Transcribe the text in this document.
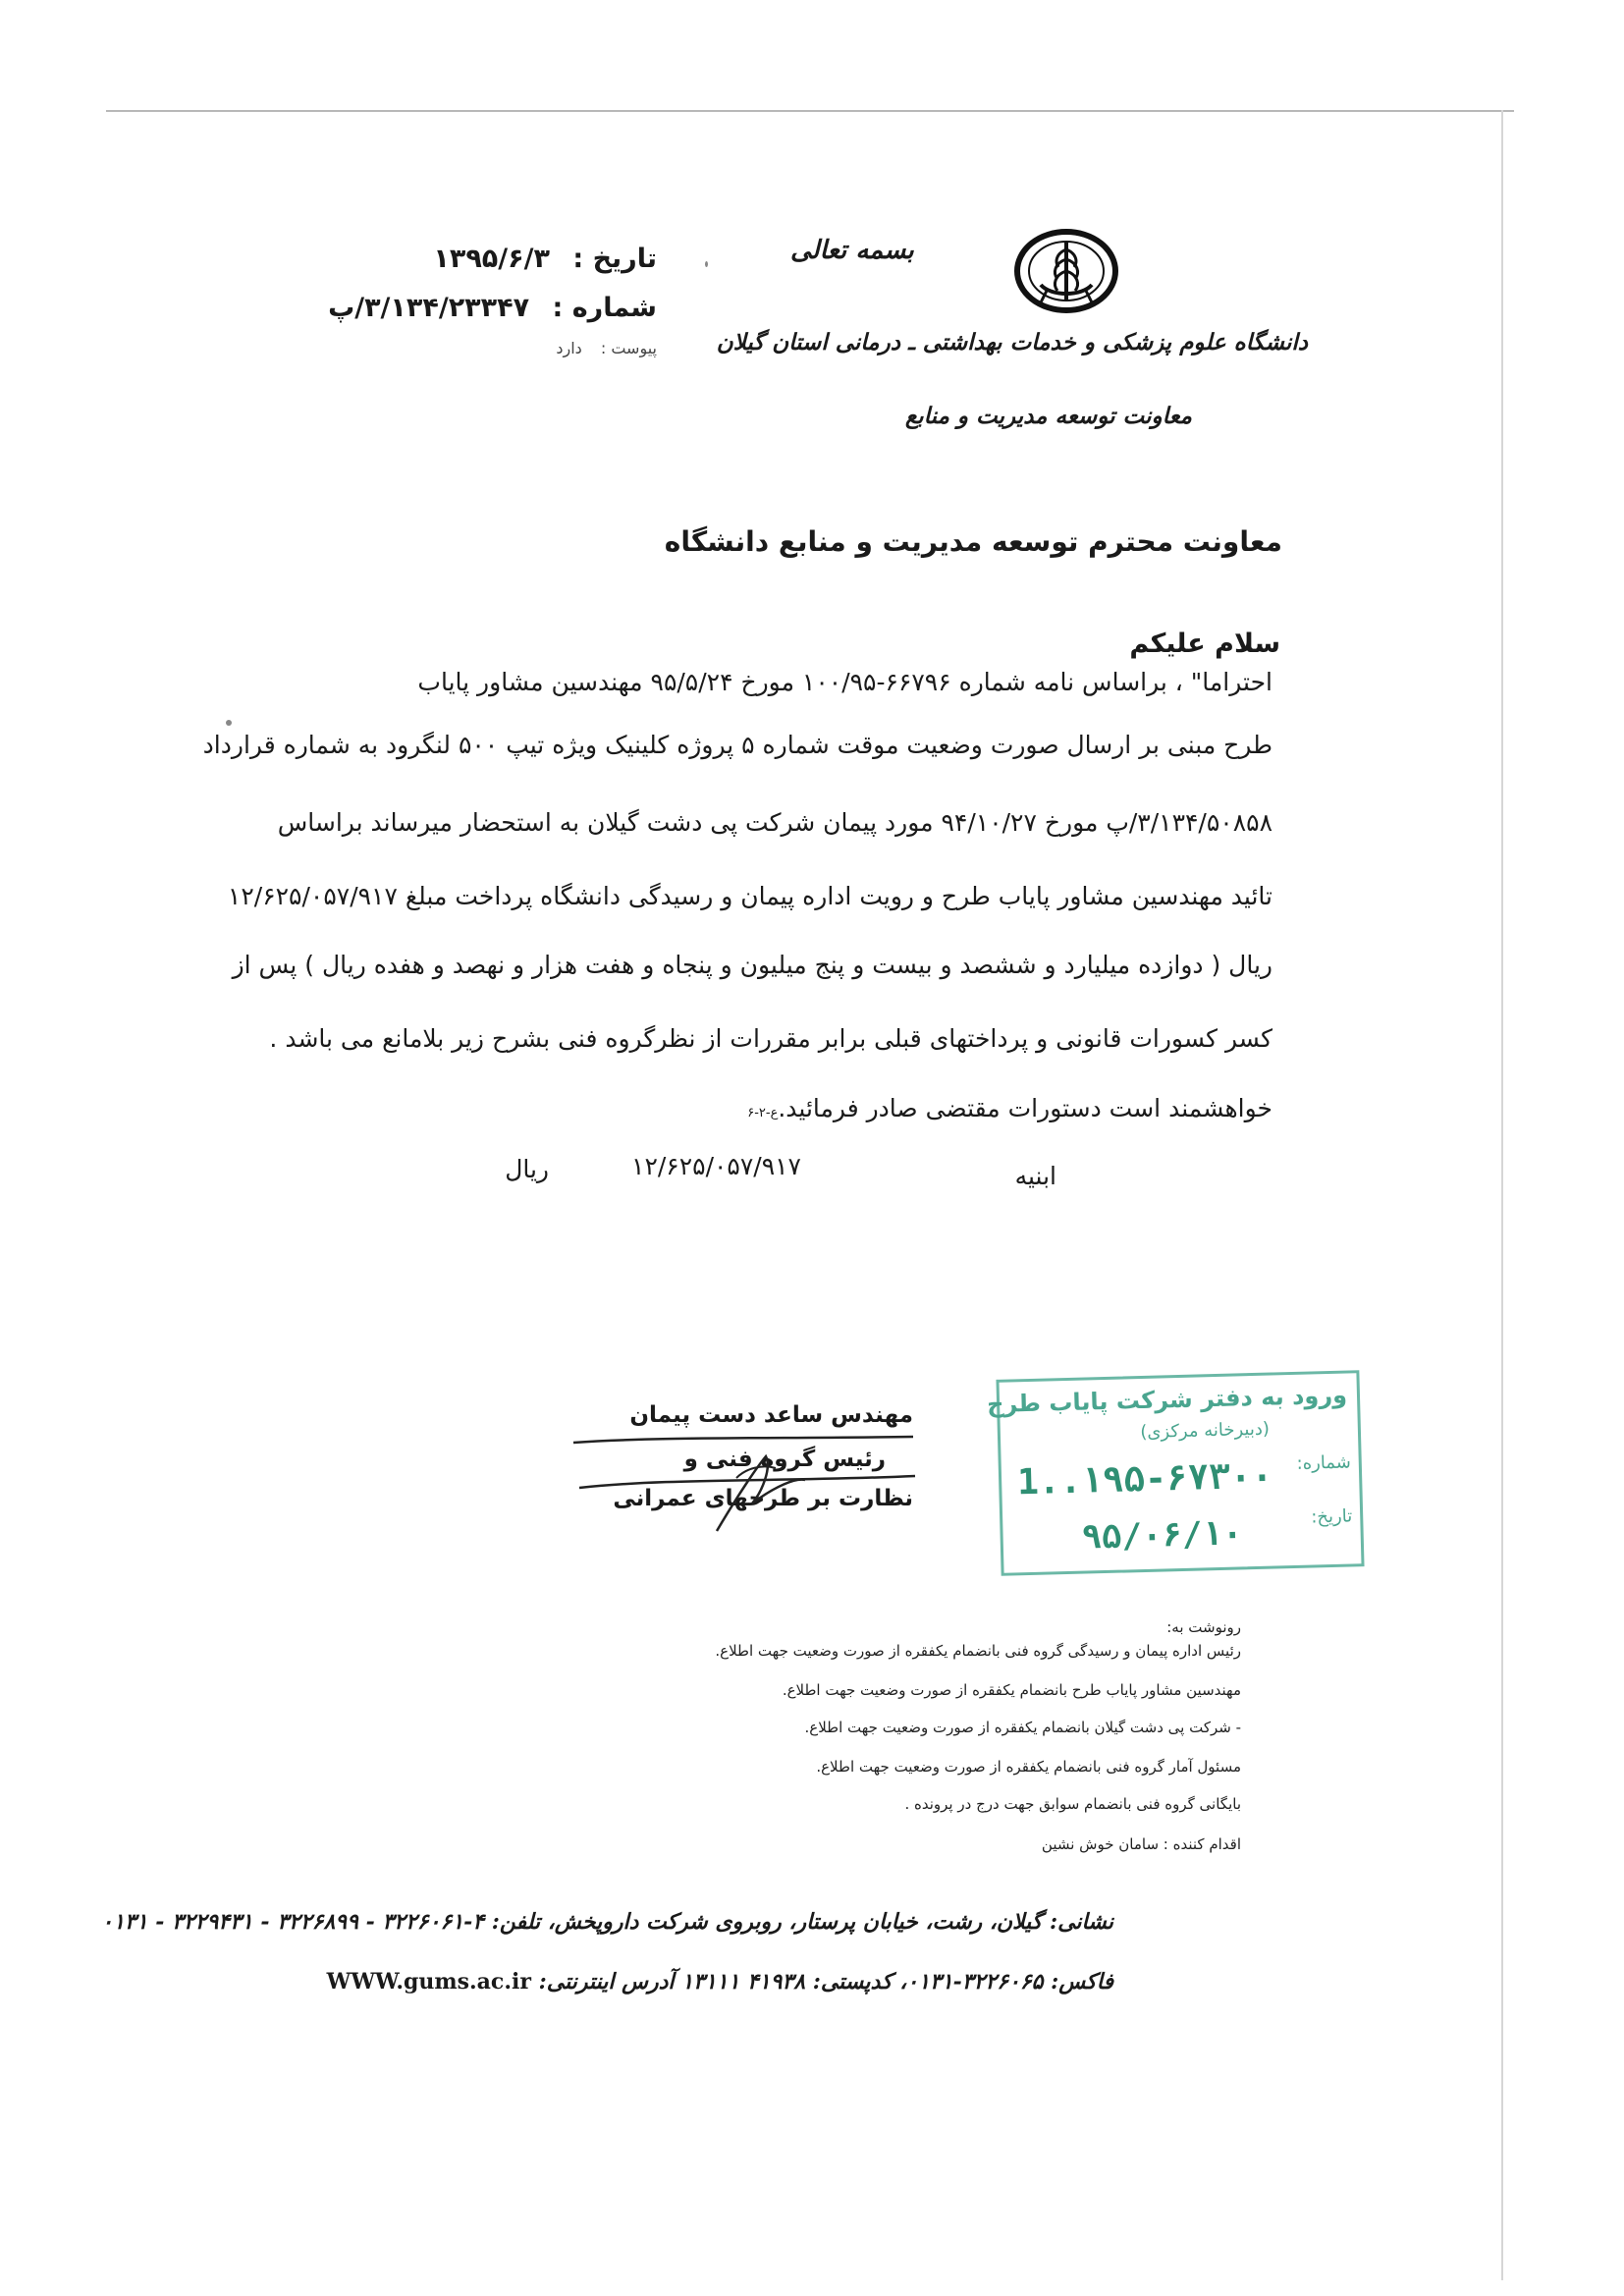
تاریخ : ۱۳۹۵/۶/۳
شماره : ۳/۱۳۴/۲۳۳۴۷/پ
پیوست : دارد
بسمه تعالی
دانشگاه علوم پزشکی و خدمات بهداشتی ـ درمانی استان گیلان
معاونت توسعه مدیریت و منابع
معاونت محترم توسعه مدیریت و منابع دانشگاه
سلام علیکم
احتراما" ، براساس نامه شماره ۶۶۷۹۶-۱۰۰/۹۵ مورخ ۹۵/۵/۲۴ مهندسین مشاور پایاب
طرح مبنی بر ارسال صورت وضعیت موقت شماره ۵ پروژه کلینیک ویژه تیپ ۵۰۰ لنگرود به شماره قرارداد
۳/۱۳۴/۵۰۸۵۸/پ مورخ ۹۴/۱۰/۲۷ مورد پیمان شرکت پی دشت گیلان به استحضار میرساند براساس
تائید مهندسین مشاور پایاب طرح و رویت اداره پیمان و رسیدگی دانشگاه پرداخت مبلغ ۱۲/۶۲۵/۰۵۷/۹۱۷
ریال ( دوازده میلیارد و ششصد و بیست و پنج میلیون و پنجاه و هفت هزار و نهصد و هفده ریال ) پس از
کسر کسورات قانونی و پرداختهای قبلی برابر مقررات از نظرگروه فنی بشرح زیر بلامانع می باشد .
خواهشمند است دستورات مقتضی صادر فرمائید.ع-۲-۶
ابنیه
۱۲/۶۲۵/۰۵۷/۹۱۷
ریال
مهندس ساعد دست پیمان
رئیس گروه فنی و
نظارت بر طرحهای عمرانی
ورود به دفتر شرکت پایاب طرح
(دبیرخانه مرکزی)
شماره:
تاریخ:
1..۱۹۵-۶۷۳۰۰
۹۵/۰۶/۱۰
رونوشت به:
رئیس اداره پیمان و رسیدگی گروه فنی بانضمام یکفقره از صورت وضعیت جهت اطلاع.
مهندسین مشاور پایاب طرح بانضمام یکفقره از صورت وضعیت جهت اطلاع.
- شرکت پی دشت گیلان بانضمام یکفقره از صورت وضعیت جهت اطلاع.
مسئول آمار گروه فنی بانضمام یکفقره از صورت وضعیت جهت اطلاع.
بایگانی گروه فنی بانضمام سوابق جهت درج در پرونده .
اقدام کننده : سامان خوش نشین
نشانی: گیلان، رشت، خیابان پرستار، روبروی شرکت داروپخش، تلفن: ۴-۳۲۲۶۰۶۱ - ۳۲۲۶۸۹۹ - ۳۲۲۹۴۳۱ - ۰۱۳۱
فاکس: ۳۲۲۶۰۶۵-۰۱۳۱، کدپستی: ۴۱۹۳۸ ۱۳۱۱۱ آدرس اینترنتی: WWW.gums.ac.ir
